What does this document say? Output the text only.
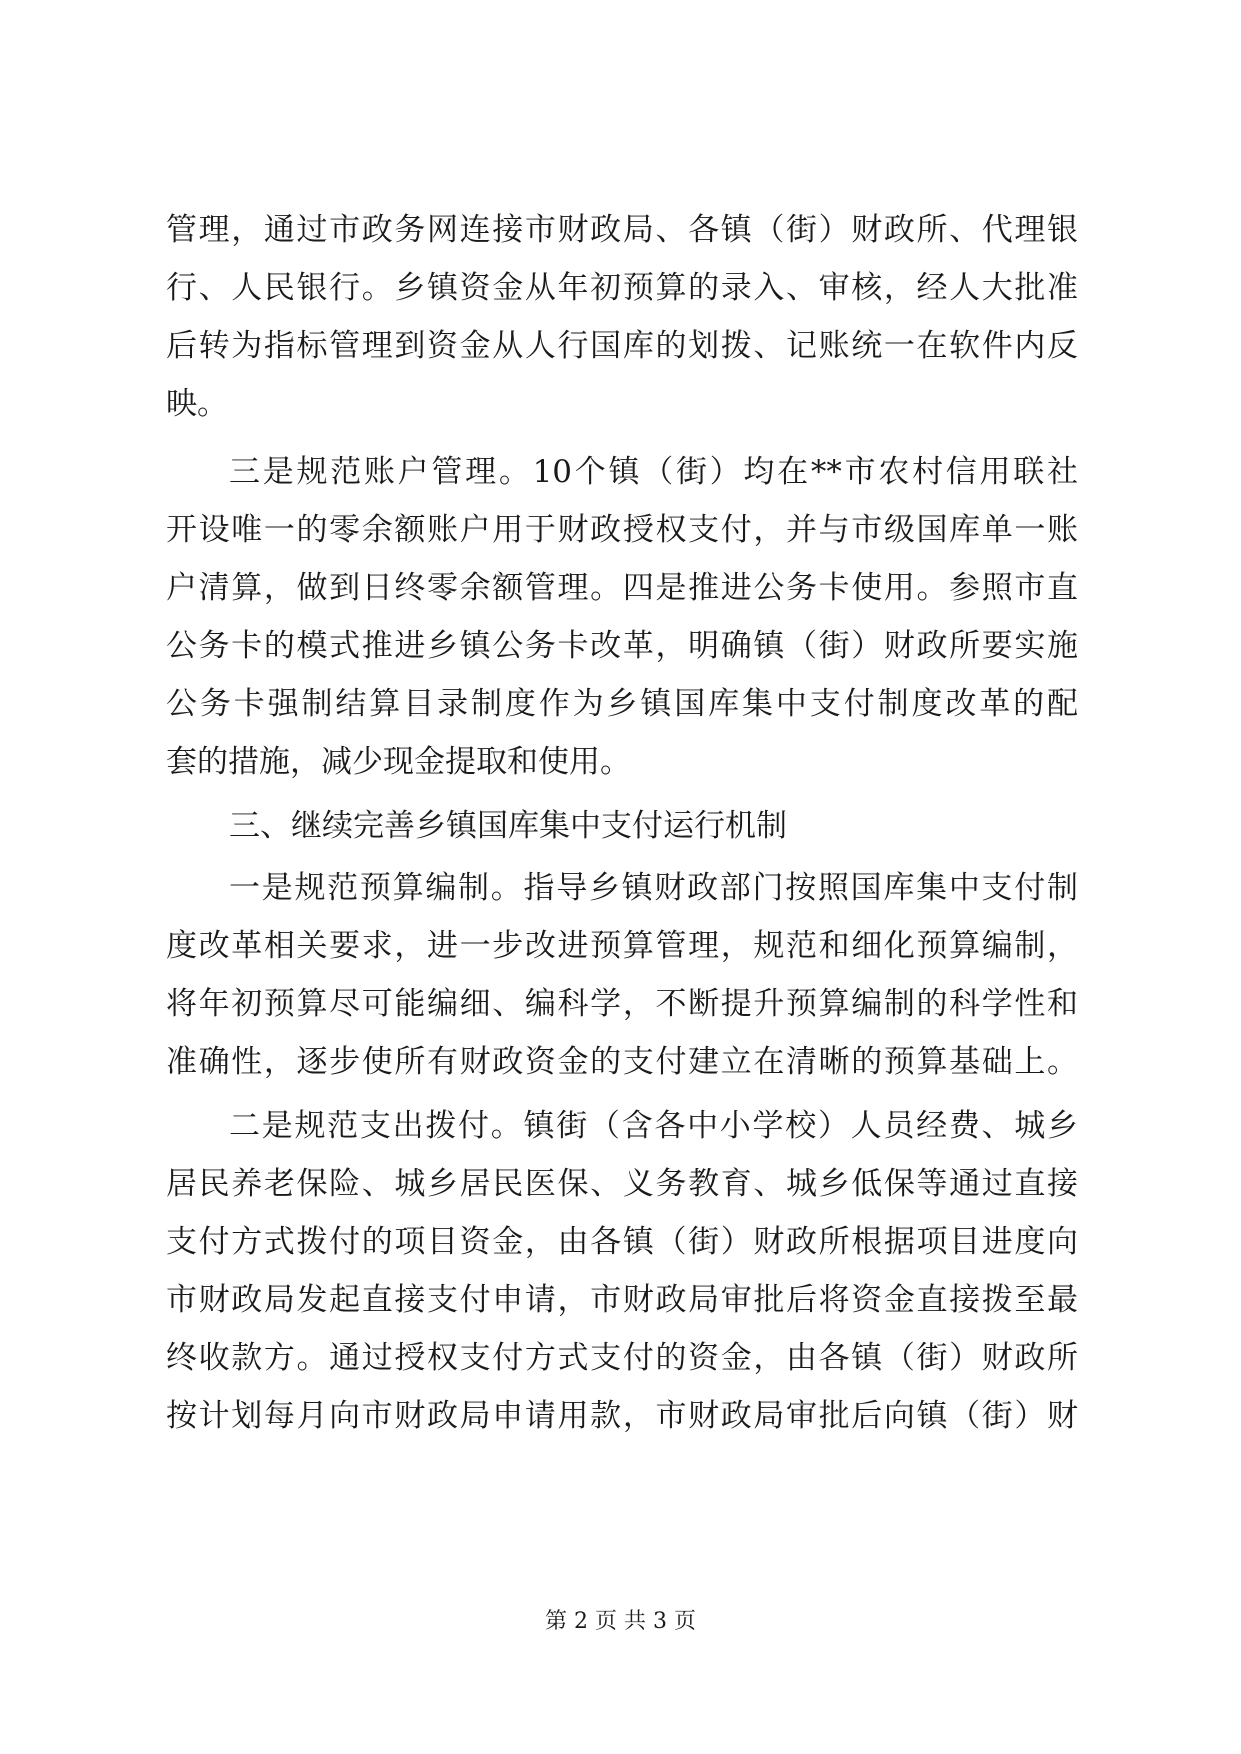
管理，通过市政务网连接市财政局、各镇（街）财政所、代理银
行、人民银行。乡镇资金从年初预算的录入、审核，经人大批准
后转为指标管理到资金从人行国库的划拨、记账统一在软件内反
映。
三是规范账户管理。10个镇（街）均在**市农村信用联社
开设唯一的零余额账户用于财政授权支付，并与市级国库单一账
户清算，做到日终零余额管理。四是推进公务卡使用。参照市直
公务卡的模式推进乡镇公务卡改革，明确镇（街）财政所要实施
公务卡强制结算目录制度作为乡镇国库集中支付制度改革的配
套的措施，减少现金提取和使用。
三、继续完善乡镇国库集中支付运行机制
一是规范预算编制。指导乡镇财政部门按照国库集中支付制
度改革相关要求，进一步改进预算管理，规范和细化预算编制，
将年初预算尽可能编细、编科学，不断提升预算编制的科学性和
准确性，逐步使所有财政资金的支付建立在清晰的预算基础上。
二是规范支出拨付。镇街（含各中小学校）人员经费、城乡
居民养老保险、城乡居民医保、义务教育、城乡低保等通过直接
支付方式拨付的项目资金，由各镇（街）财政所根据项目进度向
市财政局发起直接支付申请，市财政局审批后将资金直接拨至最
终收款方。通过授权支付方式支付的资金，由各镇（街）财政所
按计划每月向市财政局申请用款，市财政局审批后向镇（街）财
第 2 页 共 3 页
